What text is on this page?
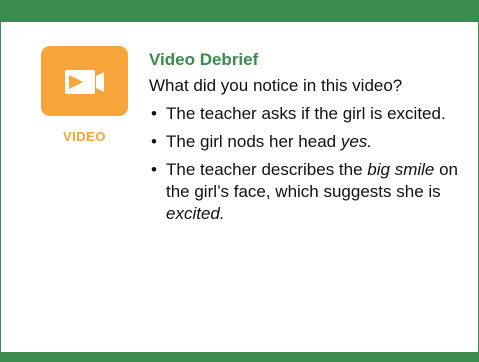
VIDEO
Video Debrief
What did you notice in this video?
• The teacher asks if the girl is excited.
• The girl nods her head yes.
• The teacher describes the big smile on the girl’s face, which suggests she is excited.
